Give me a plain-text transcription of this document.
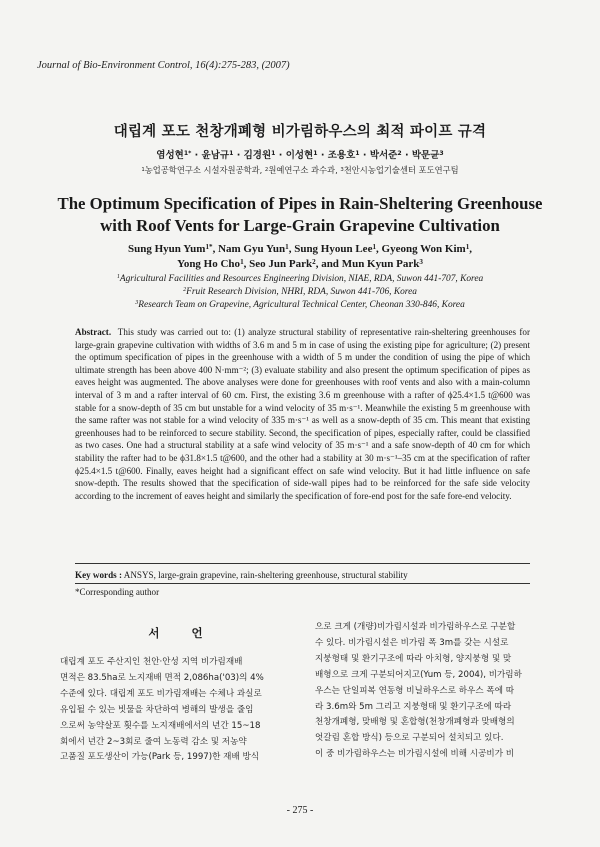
Journal of Bio-Environment Control, 16(4):275-283, (2007)
대립계 포도 천창개폐형 비가림하우스의 최적 파이프 규격
염성현$^{1*}$ · 윤남규$^1$ · 김경원$^1$ · 이성현$^1$ · 조용호$^1$ · 박서준$^2$ · 박문균$^3$
$^1$농업공학연구소 시설자원공학과, $^2$원예연구소 과수과, $^3$천안시농업기술센터 포도연구팀
The Optimum Specification of Pipes in Rain-Sheltering Greenhouse
with Roof Vents for Large-Grain Grapevine Cultivation
Sung Hyun Yum$^{1*}$, Nam Gyu Yun$^1$, Sung Hyoun Lee$^1$, Gyeong Won Kim$^1$,
Yong Ho Cho$^1$, Seo Jun Park$^2$, and Mun Kyun Park$^3$
$^1$Agricultural Facilities and Resources Engineering Division, NIAE, RDA, Suwon 441-707, Korea
$^2$Fruit Research Division, NHRI, RDA, Suwon 441-706, Korea
$^3$Research Team on Grapevine, Agricultural Technical Center, Cheonan 330-846, Korea
Abstract. This study was carried out to: (1) analyze structural stability of representative rain-sheltering greenhouses for large-grain grapevine cultivation with widths of 3.6 m and 5 m in case of using the existing pipe for agriculture; (2) present the optimum specification of pipes in the greenhouse with a width of 5 m under the condition of using the pipe of which ultimate strength has been above 400 N·mm⁻²; (3) evaluate stability and also present the optimum specification of pipes as eaves height was augmented. The above analyses were done for greenhouses with roof vents and also with a main-column interval of 3 m and a rafter interval of 60 cm. First, the existing 3.6 m greenhouse with a rafter of ϕ25.4×1.5 t@600 was stable for a snow-depth of 35 cm but unstable for a wind velocity of 35 m·s⁻¹. Meanwhile the existing 5 m greenhouse with the same rafter was not stable for a wind velocity of 335 m·s⁻¹ as well as a snow-depth of 35 cm. This meant that existing greenhouses had to be reinforced to secure stability. Second, the specification of pipes, especially rafter, could be classified as two cases. One had a structural stability at a safe wind velocity of 35 m·s⁻¹ and a safe snow-depth of 40 cm for which stability the rafter had to be ϕ31.8×1.5 t@600, and the other had a stability at 30 m·s⁻¹–35 cm at the specification of rafter ϕ25.4×1.5 t@600. Finally, eaves height had a significant effect on safe wind velocity. But it had little influence on safe snow-depth. The results showed that the specification of side-wall pipes had to be reinforced for the safe side velocity according to the increment of eaves height and similarly the specification of fore-end post for the safe fore-end velocity.
Key words : ANSYS, large-grain grapevine, rain-sheltering greenhouse, structural stability
*Corresponding author
서 언
대립계 포도 주산지인 천안·안성 지역 비가림재배
면적은 83.5ha로 노지재배 면적 2,086ha('03)의 4%
수준에 있다. 대립계 포도 비가림재배는 수체나 과실로
유입될 수 있는 빗물을 차단하여 병해의 발생을 줄임
으로써 농약살포 횟수를 노지재배에서의 년간 15~18
회에서 년간 2~3회로 줄여 노동력 감소 및 저농약
고품질 포도생산이 가능(Park 등, 1997)한 재배 방식
으로 크게 (개량)비가림시설과 비가림하우스로 구분할
수 있다. 비가림시설은 비가림 폭 3m를 갖는 시설로
지붕형태 및 환기구조에 따라 아치형, 양지붕형 및 맞
배형으로 크게 구분되어지고(Yum 등, 2004), 비가림하
우스는 단일피복 연동형 비닐하우스로 하우스 폭에 따
라 3.6m와 5m 그리고 지붕형태 및 환기구조에 따라
천창개폐형, 맞배형 및 혼합형(천창개폐형과 맞배형의
엇갈림 혼합 방식) 등으로 구분되어 설치되고 있다.
이 중 비가림하우스는 비가림시설에 비해 시공비가 비
- 275 -
